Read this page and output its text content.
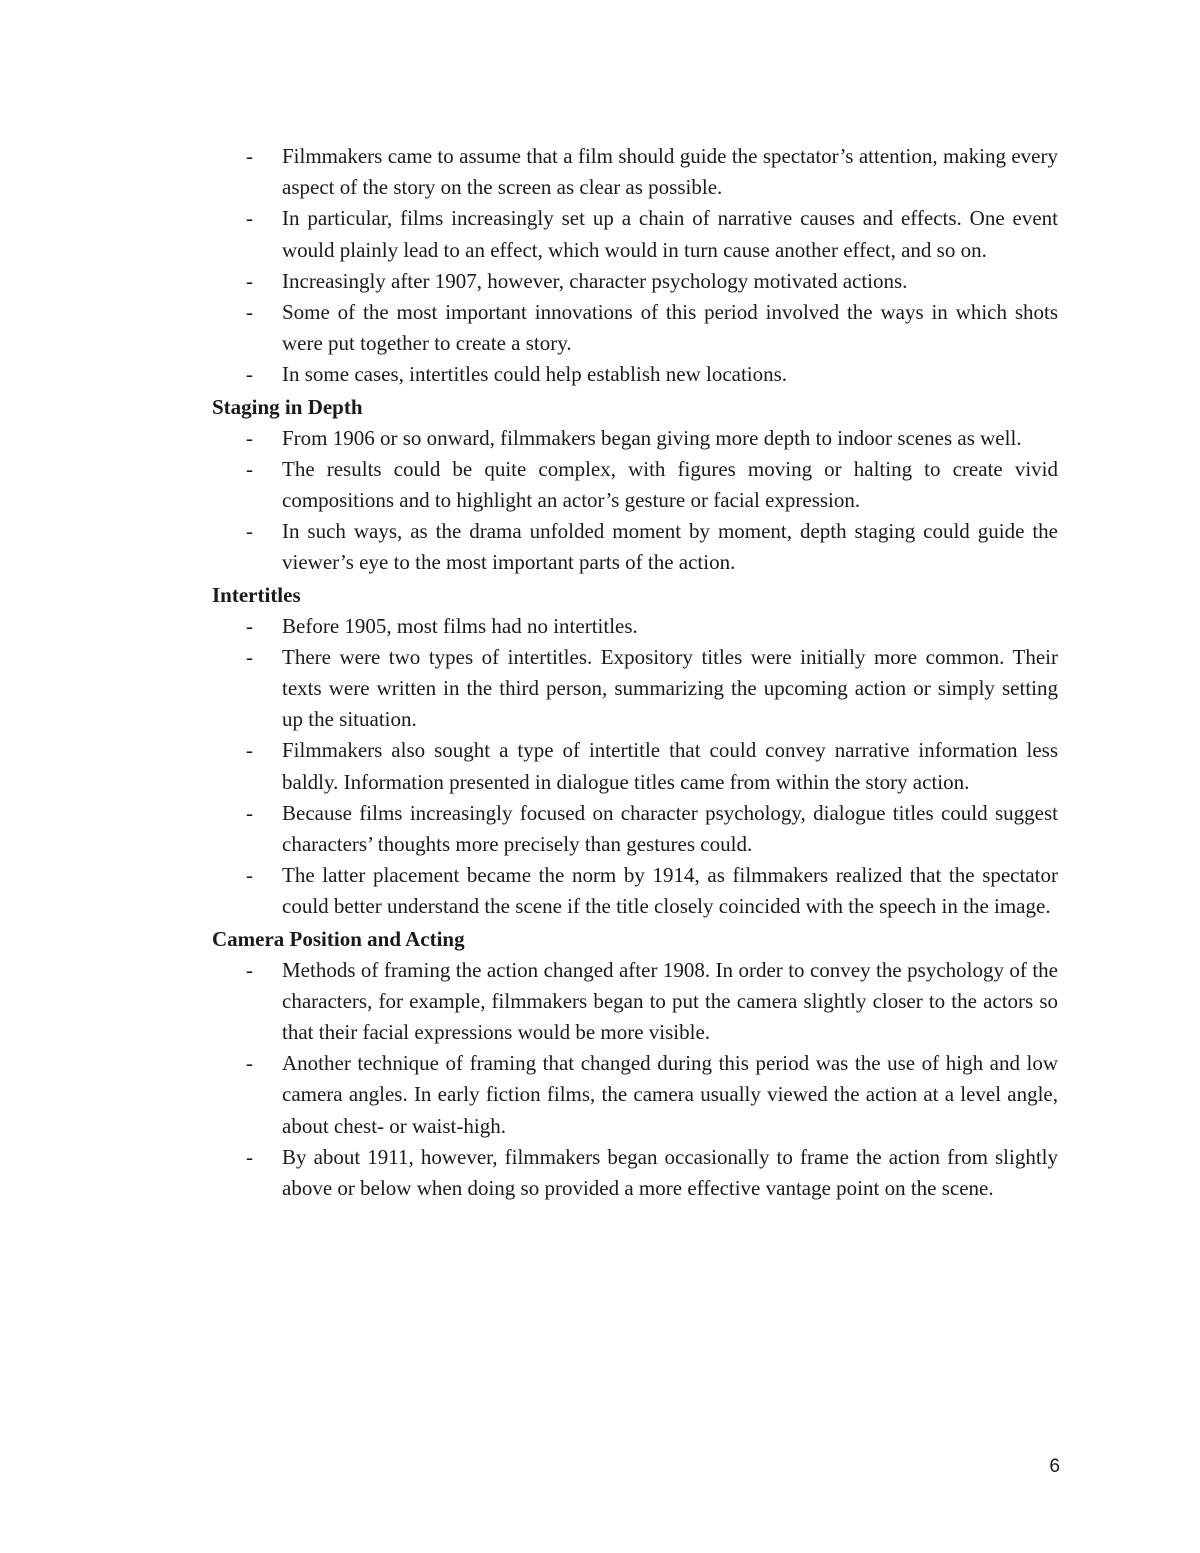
- Filmmakers came to assume that a film should guide the spectator’s attention, making every aspect of the story on the screen as clear as possible.
- In particular, films increasingly set up a chain of narrative causes and effects. One event would plainly lead to an effect, which would in turn cause another effect, and so on.
- Increasingly after 1907, however, character psychology motivated actions.
- Some of the most important innovations of this period involved the ways in which shots were put together to create a story.
- In some cases, intertitles could help establish new locations.
Staging in Depth
- From 1906 or so onward, filmmakers began giving more depth to indoor scenes as well.
- The results could be quite complex, with figures moving or halting to create vivid compositions and to highlight an actor’s gesture or facial expression.
- In such ways, as the drama unfolded moment by moment, depth staging could guide the viewer’s eye to the most important parts of the action.
Intertitles
- Before 1905, most films had no intertitles.
- There were two types of intertitles. Expository titles were initially more common. Their texts were written in the third person, summarizing the upcoming action or simply setting up the situation.
- Filmmakers also sought a type of intertitle that could convey narrative information less baldly. Information presented in dialogue titles came from within the story action.
- Because films increasingly focused on character psychology, dialogue titles could suggest characters’ thoughts more precisely than gestures could.
- The latter placement became the norm by 1914, as filmmakers realized that the spectator could better understand the scene if the title closely coincided with the speech in the image.
Camera Position and Acting
- Methods of framing the action changed after 1908. In order to convey the psychology of the characters, for example, filmmakers began to put the camera slightly closer to the actors so that their facial expressions would be more visible.
- Another technique of framing that changed during this period was the use of high and low camera angles. In early fiction films, the camera usually viewed the action at a level angle, about chest- or waist-high.
- By about 1911, however, filmmakers began occasionally to frame the action from slightly above or below when doing so provided a more effective vantage point on the scene.
6
